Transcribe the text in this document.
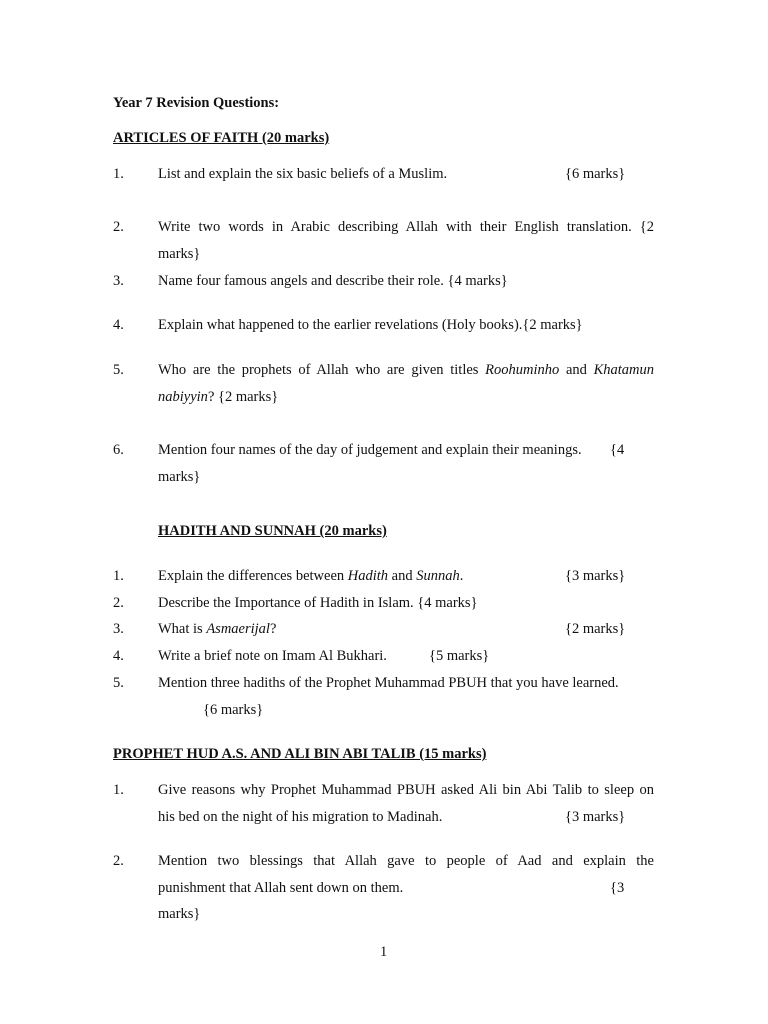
Year 7 Revision Questions:
ARTICLES OF FAITH (20 marks)
1. List and explain the six basic beliefs of a Muslim.	{6 marks}
2. Write two words in Arabic describing Allah with their English translation. {2
marks}
3. Name four famous angels and describe their role. {4 marks}
4. Explain what happened to the earlier revelations (Holy books).{2 marks}
5. Who are the prophets of Allah who are given titles Roohuminho and Khatamun
nabiyyin? {2 marks}
6. Mention four names of the day of judgement and explain their meanings. {4
marks}
HADITH AND SUNNAH (20 marks)
1. Explain the differences between Hadith and Sunnah.	{3 marks}
2. Describe the Importance of Hadith in Islam. {4 marks}
3. What is Asmaerijal?	{2 marks}
4. Write a brief note on Imam Al Bukhari.	{5 marks}
5. Mention three hadiths of the Prophet Muhammad PBUH that you have learned.
{6 marks}
PROPHET HUD A.S. AND ALI BIN ABI TALIB (15 marks)
1. Give reasons why Prophet Muhammad PBUH asked Ali bin Abi Talib to sleep on
his bed on the night of his migration to Madinah.	{3 marks}
2. Mention two blessings that Allah gave to people of Aad and explain the
punishment that Allah sent down on them.	{3
marks}
1
